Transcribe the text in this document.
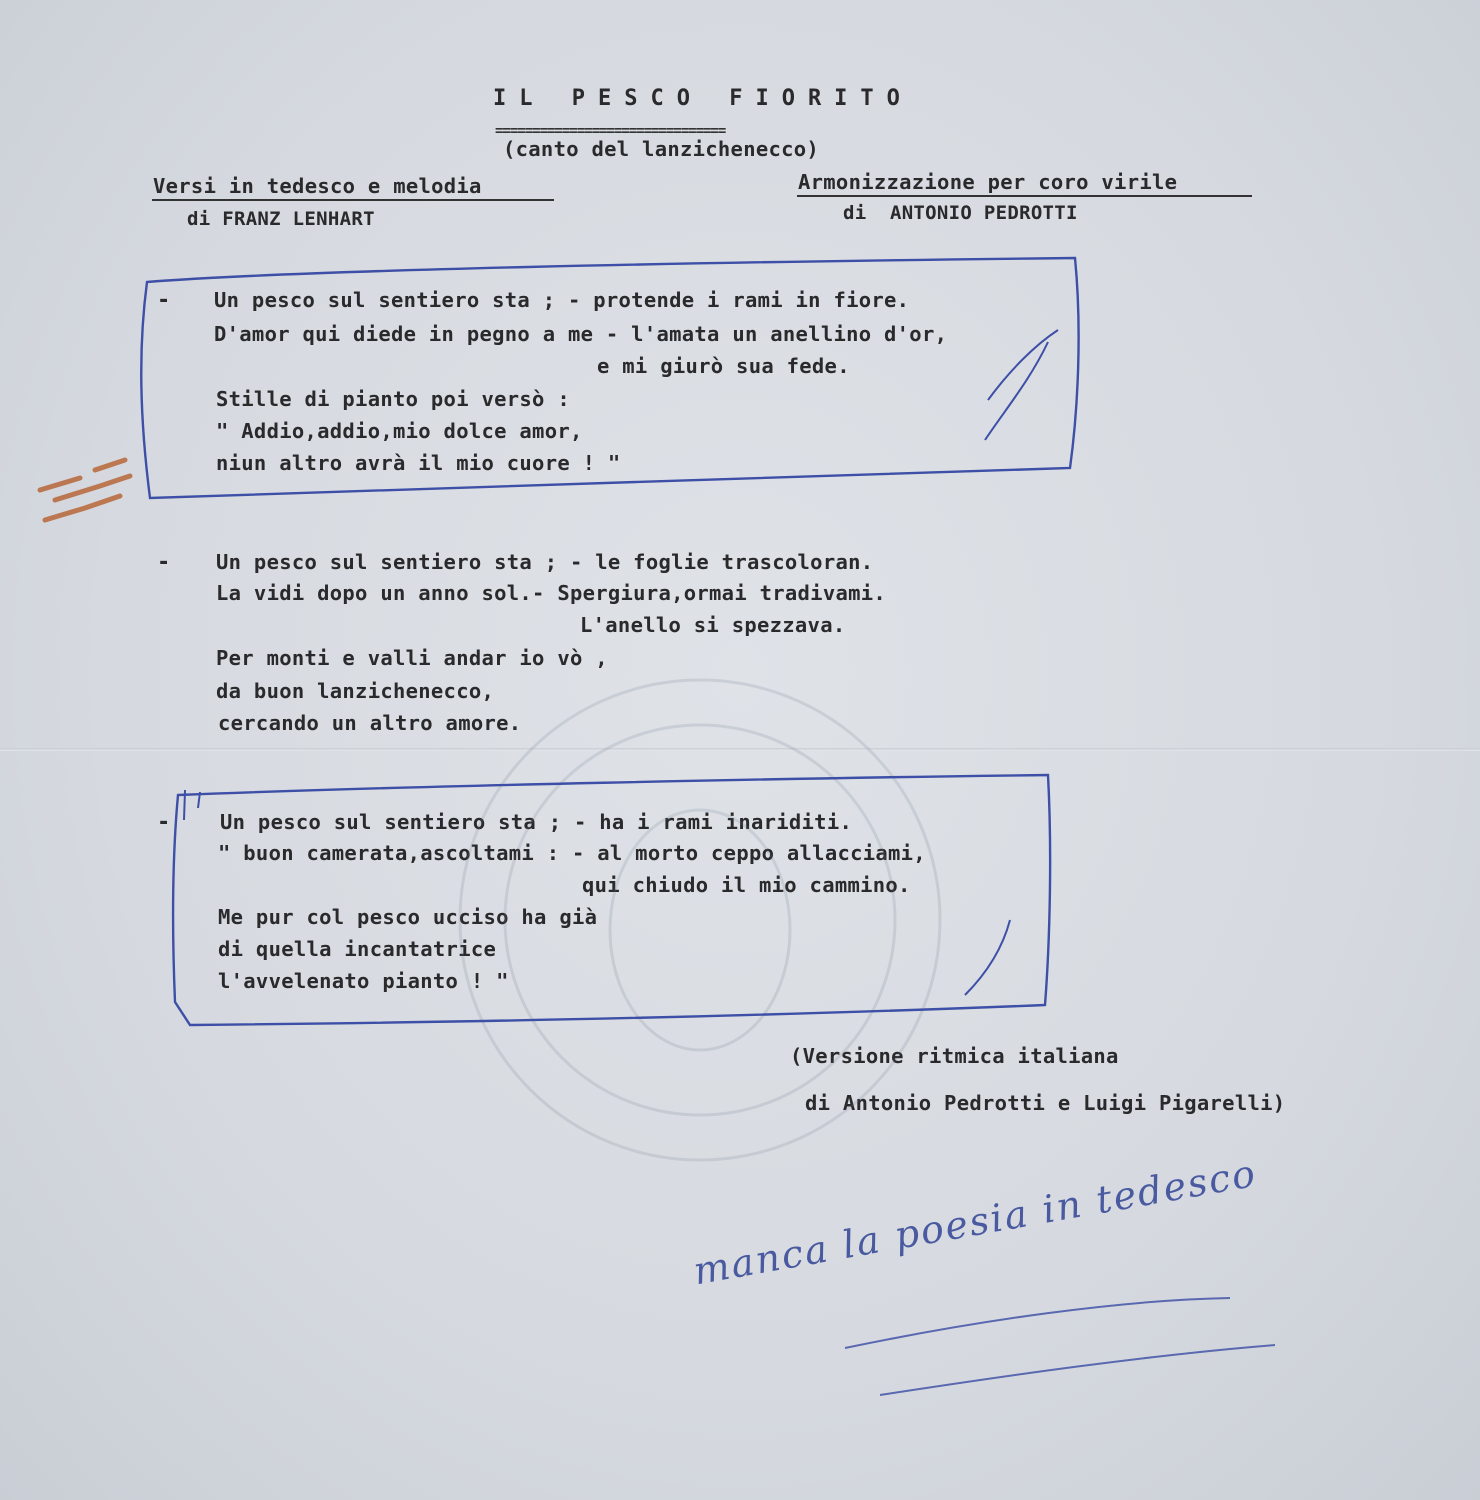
IL PESCO FIORITO
===============================
(canto del lanzichenecco)
Versi in tedesco e melodia
di FRANZ LENHART
Armonizzazione per coro virile
di  ANTONIO PEDROTTI
- Un pesco sul sentiero sta ; - protende i rami in fiore.
D'amor qui diede in pegno a me - l'amata un anellino d'or,
e mi giurò sua fede.
Stille di pianto poi versò :
" Addio,addio,mio dolce amor,
niun altro avrà il mio cuore ! "
- Un pesco sul sentiero sta ; - le foglie trascoloran.
La vidi dopo un anno sol.- Spergiura,ormai tradivami.
L'anello si spezzava.
Per monti e valli andar io vò ,
da buon lanzichenecco,
cercando un altro amore.
- Un pesco sul sentiero sta ; - ha i rami inariditi.
" buon camerata,ascoltami : - al morto ceppo allacciami,
qui chiudo il mio cammino.
Me pur col pesco ucciso ha già
di quella incantatrice
l'avvelenato pianto ! "
(Versione ritmica italiana
di Antonio Pedrotti e Luigi Pigarelli)
manca la poesia in tedesco
